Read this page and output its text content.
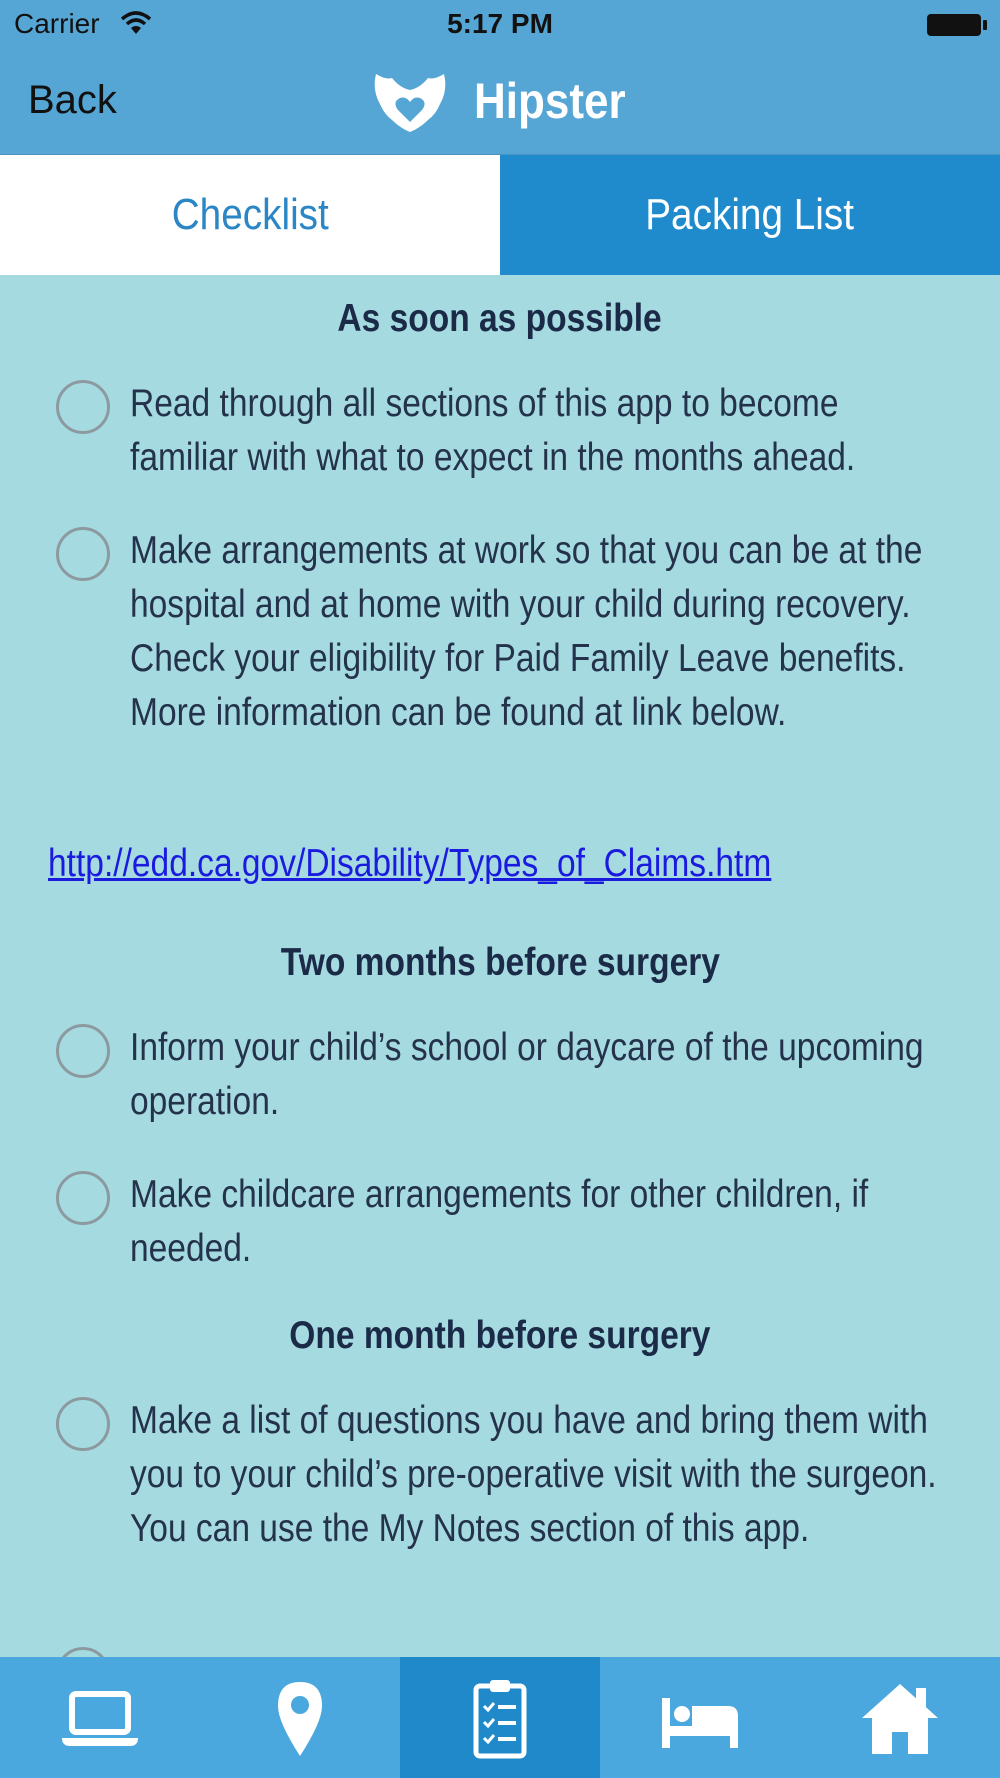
Carrier	5:17 PM
Back	Hipster
Checklist	Packing List
As soon as possible
Read through all sections of this app to become familiar with what to expect in the months ahead.
Make arrangements at work so that you can be at the hospital and at home with your child during recovery. Check your eligibility for Paid Family Leave benefits. More information can be found at link below.
http://edd.ca.gov/Disability/Types_of_Claims.htm
Two months before surgery
Inform your child’s school or daycare of the upcoming operation.
Make childcare arrangements for other children, if needed.
One month before surgery
Make a list of questions you have and bring them with you to your child’s pre-operative visit with the surgeon. You can use the My Notes section of this app.
